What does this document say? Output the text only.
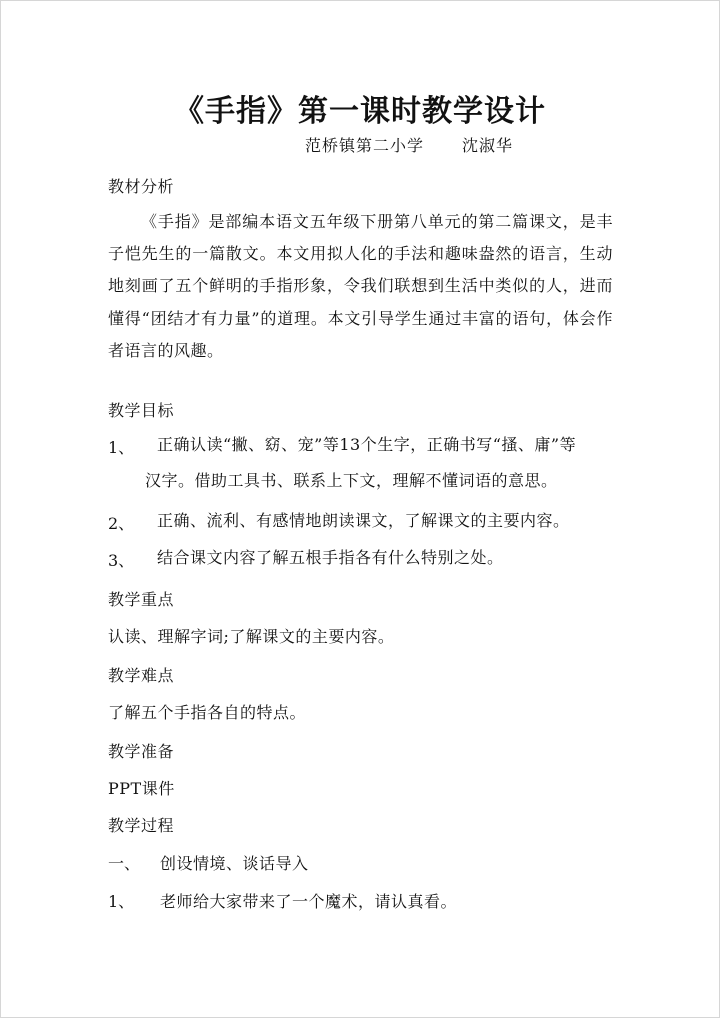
《手指》第一课时教学设计
范桥镇第二小学 沈淑华
教材分析
《手指》是部编本语文五年级下册第八单元的第二篇课文，是丰子恺先生的一篇散文。本文用拟人化的手法和趣味盎然的语言，生动地刻画了五个鲜明的手指形象，令我们联想到生活中类似的人，进而懂得“团结才有力量”的道理。本文引导学生通过丰富的语句，体会作者语言的风趣。
教学目标
1、 正确认读“撇、窈、宠”等13个生字，正确书写“搔、庸”等
汉字。借助工具书、联系上下文，理解不懂词语的意思。
2、 正确、流利、有感情地朗读课文，了解课文的主要内容。
3、 结合课文内容了解五根手指各有什么特别之处。
教学重点
认读、理解字词;了解课文的主要内容。
教学难点
了解五个手指各自的特点。
教学准备
PPT课件
教学过程
一、 创设情境、谈话导入
1、 老师给大家带来了一个魔术，请认真看。
